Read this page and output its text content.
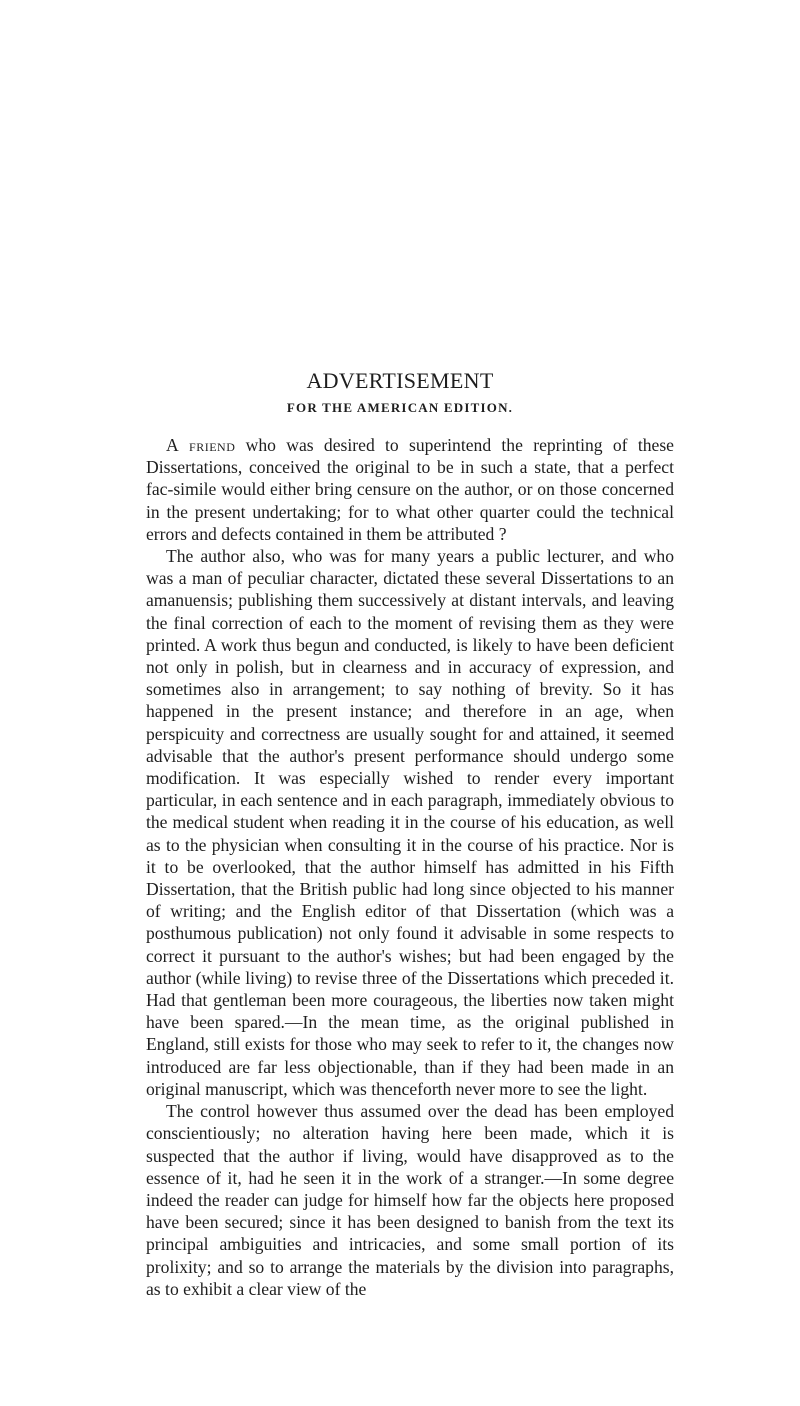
ADVERTISEMENT
FOR THE AMERICAN EDITION.

A friend who was desired to superintend the reprinting of these Dissertations, conceived the original to be in such a state, that a perfect fac-simile would either bring censure on the author, or on those concerned in the present undertaking; for to what other quarter could the technical errors and defects contained in them be attributed ?

The author also, who was for many years a public lecturer, and who was a man of peculiar character, dictated these several Dissertations to an amanuensis; publishing them successively at distant intervals, and leaving the final correction of each to the moment of revising them as they were printed. A work thus begun and conducted, is likely to have been deficient not only in polish, but in clearness and in accuracy of expression, and sometimes also in arrangement; to say nothing of brevity. So it has happened in the present instance; and therefore in an age, when perspicuity and correctness are usually sought for and attained, it seemed advisable that the author's present performance should undergo some modification. It was especially wished to render every important particular, in each sentence and in each paragraph, immediately obvious to the medical student when reading it in the course of his education, as well as to the physician when consulting it in the course of his practice. Nor is it to be overlooked, that the author himself has admitted in his Fifth Dissertation, that the British public had long since objected to his manner of writing; and the English editor of that Dissertation (which was a posthumous publication) not only found it advisable in some respects to correct it pursuant to the author's wishes; but had been engaged by the author (while living) to revise three of the Dissertations which preceded it. Had that gentleman been more courageous, the liberties now taken might have been spared.—In the mean time, as the original published in England, still exists for those who may seek to refer to it, the changes now introduced are far less objectionable, than if they had been made in an original manuscript, which was thenceforth never more to see the light.

The control however thus assumed over the dead has been employed conscientiously; no alteration having here been made, which it is suspected that the author if living, would have disapproved as to the essence of it, had he seen it in the work of a stranger.—In some degree indeed the reader can judge for himself how far the objects here proposed have been secured; since it has been designed to banish from the text its principal ambiguities and intricacies, and some small portion of its prolixity; and so to arrange the materials by the division into paragraphs, as to exhibit a clear view of the
